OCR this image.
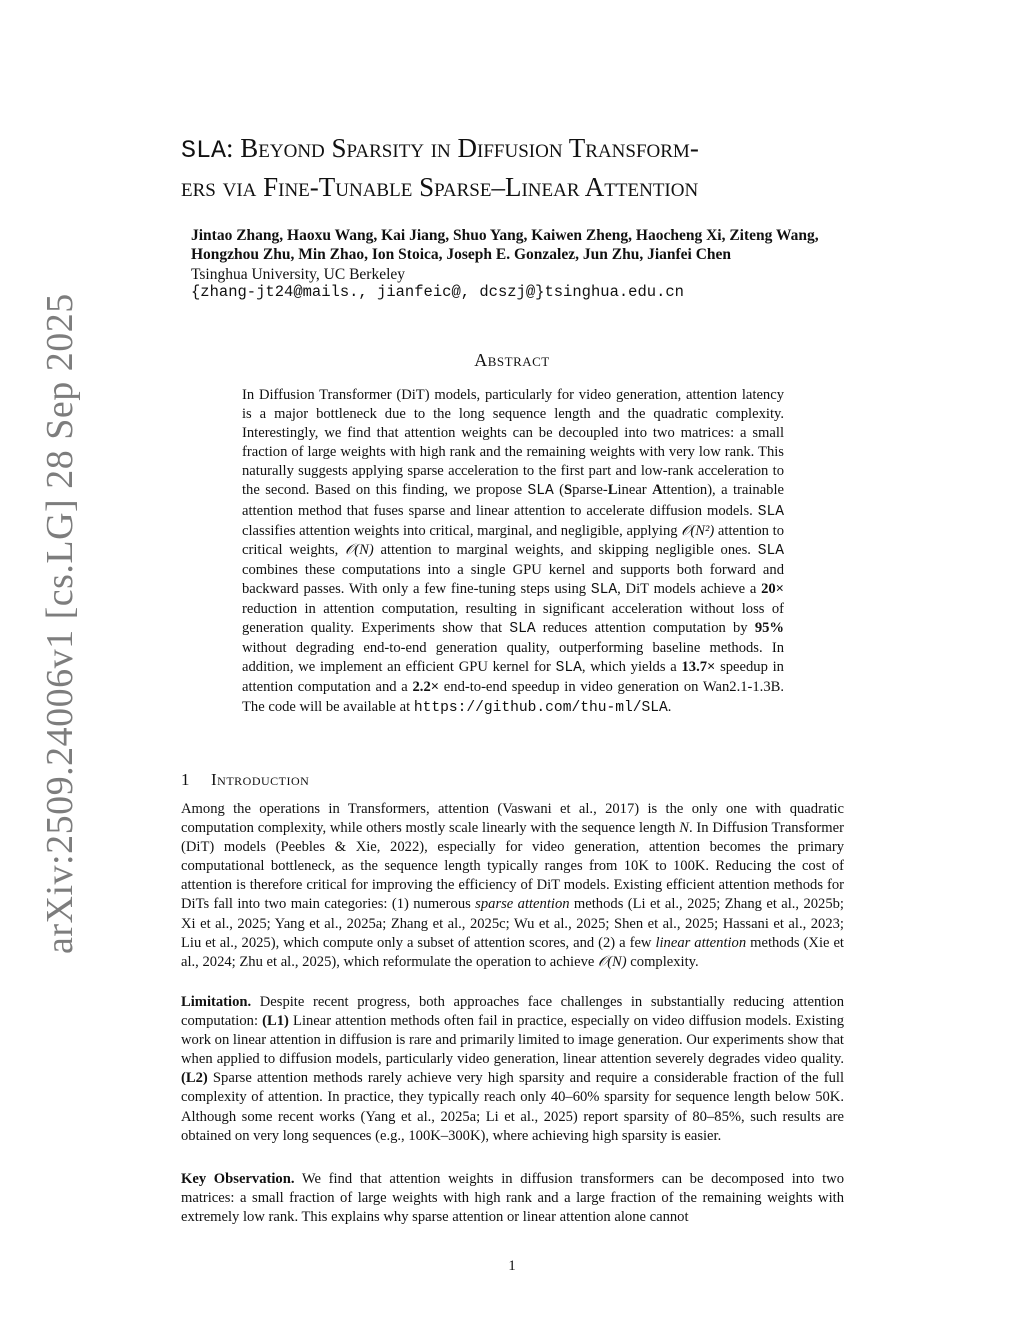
arXiv:2509.24006v1 [cs.LG] 28 Sep 2025
SLA: Beyond Sparsity in Diffusion Transform-
ers via Fine-Tunable Sparse–Linear Attention
Jintao Zhang, Haoxu Wang, Kai Jiang, Shuo Yang, Kaiwen Zheng, Haocheng Xi, Ziteng Wang, Hongzhou Zhu, Min Zhao, Ion Stoica, Joseph E. Gonzalez, Jun Zhu, Jianfei Chen
Tsinghua University, UC Berkeley
{zhang-jt24@mails., jianfeic@, dcszj@}tsinghua.edu.cn
Abstract
In Diffusion Transformer (DiT) models, particularly for video generation, attention latency is a major bottleneck due to the long sequence length and the quadratic complexity. Interestingly, we find that attention weights can be decoupled into two matrices: a small fraction of large weights with high rank and the remaining weights with very low rank. This naturally suggests applying sparse acceleration to the first part and low-rank acceleration to the second. Based on this finding, we propose SLA (Sparse-Linear Attention), a trainable attention method that fuses sparse and linear attention to accelerate diffusion models. SLA classifies attention weights into critical, marginal, and negligible, applying 𝒪(N²) attention to critical weights, 𝒪(N) attention to marginal weights, and skipping negligible ones. SLA combines these computations into a single GPU kernel and supports both forward and backward passes. With only a few fine-tuning steps using SLA, DiT models achieve a 20× reduction in attention computation, resulting in significant acceleration without loss of generation quality. Experiments show that SLA reduces attention computation by 95% without degrading end-to-end generation quality, outperforming baseline methods. In addition, we implement an efficient GPU kernel for SLA, which yields a 13.7× speedup in attention computation and a 2.2× end-to-end speedup in video generation on Wan2.1-1.3B. The code will be available at https://github.com/thu-ml/SLA.
1 Introduction
Among the operations in Transformers, attention (Vaswani et al., 2017) is the only one with quadratic computation complexity, while others mostly scale linearly with the sequence length N. In Diffusion Transformer (DiT) models (Peebles & Xie, 2022), especially for video generation, attention becomes the primary computational bottleneck, as the sequence length typically ranges from 10K to 100K. Reducing the cost of attention is therefore critical for improving the efficiency of DiT models. Existing efficient attention methods for DiTs fall into two main categories: (1) numerous sparse attention methods (Li et al., 2025; Zhang et al., 2025b; Xi et al., 2025; Yang et al., 2025a; Zhang et al., 2025c; Wu et al., 2025; Shen et al., 2025; Hassani et al., 2023; Liu et al., 2025), which compute only a subset of attention scores, and (2) a few linear attention methods (Xie et al., 2024; Zhu et al., 2025), which reformulate the operation to achieve 𝒪(N) complexity.
Limitation. Despite recent progress, both approaches face challenges in substantially reducing attention computation: (L1) Linear attention methods often fail in practice, especially on video diffusion models. Existing work on linear attention in diffusion is rare and primarily limited to image generation. Our experiments show that when applied to diffusion models, particularly video generation, linear attention severely degrades video quality. (L2) Sparse attention methods rarely achieve very high sparsity and require a considerable fraction of the full complexity of attention. In practice, they typically reach only 40–60% sparsity for sequence length below 50K. Although some recent works (Yang et al., 2025a; Li et al., 2025) report sparsity of 80–85%, such results are obtained on very long sequences (e.g., 100K–300K), where achieving high sparsity is easier.
Key Observation. We find that attention weights in diffusion transformers can be decomposed into two matrices: a small fraction of large weights with high rank and a large fraction of the remaining weights with extremely low rank. This explains why sparse attention or linear attention alone cannot
1
